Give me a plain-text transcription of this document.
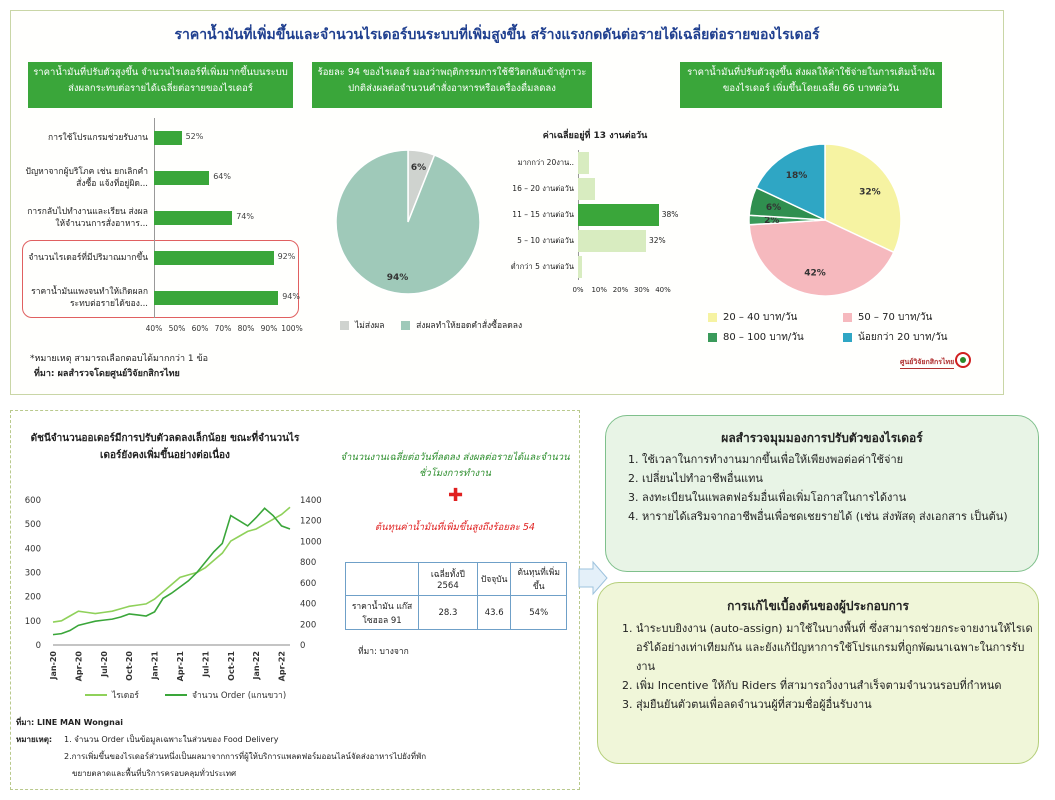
ราคาน้ำมันที่เพิ่มขึ้นและจำนวนไรเดอร์บนระบบที่เพิ่มสูงขึ้น สร้างแรงกดดันต่อรายได้เฉลี่ยต่อรายของไรเดอร์
ราคาน้ำมันที่ปรับตัวสูงขึ้น จำนวนไรเดอร์ที่เพิ่มมากขึ้นบนระบบ ส่งผลกระทบต่อรายได้เฉลี่ยต่อรายของไรเดอร์
ร้อยละ 94 ของไรเดอร์ มองว่าพฤติกรรมการใช้ชีวิตกลับเข้าสู่ภาวะปกติส่งผลต่อจำนวนคำสั่งอาหารหรือเครื่องดื่มลดลง
ราคาน้ำมันที่ปรับตัวสูงขึ้น ส่งผลให้ค่าใช้จ่ายในการเติมน้ำมันของไรเดอร์ เพิ่มขึ้นโดยเฉลี่ย 66 บาทต่อวัน
การใช้โปรแกรมช่วยรับงาน	52%
ปัญหาจากผู้บริโภค เช่น ยกเลิกคำสั่งซื้อ แจ้งที่อยู่ผิด...
64%
การกลับไปทำงานและเรียน ส่งผลให้จำนวนการสั่งอาหาร...
74%
จำนวนไรเดอร์ที่มีปริมาณมากขึ้น	92%
ราคาน้ำมันแพงจนทำให้เกิดผลกระทบต่อรายได้ของ...
94%
40% 50% 60% 70% 80% 90% 100%
*หมายเหตุ สามารถเลือกตอบได้มากกว่า 1 ข้อ
ที่มา: ผลสำรวจโดยศูนย์วิจัยกสิกรไทย
6%
94%
ไม่ส่งผล	ส่งผลทำให้ยอดคำสั่งซื้อลดลง
ค่าเฉลี่ยอยู่ที่ 13 งานต่อวัน
มากกว่า 20งาน..
16 – 20 งานต่อวัน
11 – 15 งานต่อวัน	38%
5 – 10 งานต่อวัน	32%
ต่ำกว่า 5 งานต่อวัน
0%	10% 20% 30% 40%
32%
42%
2%
6%
18%
20 – 40 บาท/วัน	50 – 70 บาท/วัน
80 – 100 บาท/วัน	น้อยกว่า 20 บาท/วัน
ศูนย์วิจัยกสิกรไทย
ดัชนีจำนวนออเดอร์มีการปรับตัวลดลงเล็กน้อย ขณะที่จำนวนไรเดอร์ยังคงเพิ่มขึ้นอย่างต่อเนื่อง
0
100
200
300
400
500
600
0
200
400
600
800
1000
1200
1400
Jan-20 Apr-20 Jul-20 Oct-20 Jan-21 Apr-21 Jul-21 Oct-21 Jan-22 Apr-22
ไรเดอร์	จำนวน Order (แกนขวา)
จำนวนงานเฉลี่ยต่อวันที่ลดลง ส่งผลต่อรายได้และจำนวนชั่วโมงการทำงาน
✚
ต้นทุนค่าน้ำมันที่เพิ่มขึ้นสูงถึงร้อยละ 54
	เฉลี่ยทั้งปี 2564	ปัจจุบัน	ต้นทุนที่เพิ่มขึ้น
ราคาน้ำมัน แก๊สโซฮอล 91	28.3	43.6	54%
ที่มา: บางจาก
ที่มา: LINE MAN Wongnai
หมายเหตุ: 1. จำนวน Order เป็นข้อมูลเฉพาะในส่วนของ Food Delivery
2.การเพิ่มขึ้นของไรเดอร์ส่วนหนึ่งเป็นผลมาจากการที่ผู้ให้บริการแพลตฟอร์มออนไลน์จัดส่งอาหารไปยังที่พัก
ขยายตลาดและพื้นที่บริการครอบคลุมทั่วประเทศ
ผลสำรวจมุมมองการปรับตัวของไรเดอร์
1. ใช้เวลาในการทำงานมากขึ้นเพื่อให้เพียงพอต่อค่าใช้จ่าย
2. เปลี่ยนไปทำอาชีพอื่นแทน
3. ลงทะเบียนในแพลตฟอร์มอื่นเพื่อเพิ่มโอกาสในการได้งาน
4. หารายได้เสริมจากอาชีพอื่นเพื่อชดเชยรายได้ (เช่น ส่งพัสดุ ส่งเอกสาร เป็นต้น)
การแก้ไขเบื้องต้นของผู้ประกอบการ
1. นำระบบยิงงาน (auto-assign) มาใช้ในบางพื้นที่ ซึ่งสามารถช่วยกระจายงานให้ไรเดอร์ได้อย่างเท่าเทียมกัน และยังแก้ปัญหาการใช้โปรแกรมที่ถูกพัฒนาเฉพาะในการรับงาน
2. เพิ่ม Incentive ให้กับ Riders ที่สามารถวิ่งงานสำเร็จตามจำนวนรอบที่กำหนด
3. สุ่มยืนยันตัวตนเพื่อลดจำนวนผู้ที่สวมชื่อผู้อื่นรับงาน
